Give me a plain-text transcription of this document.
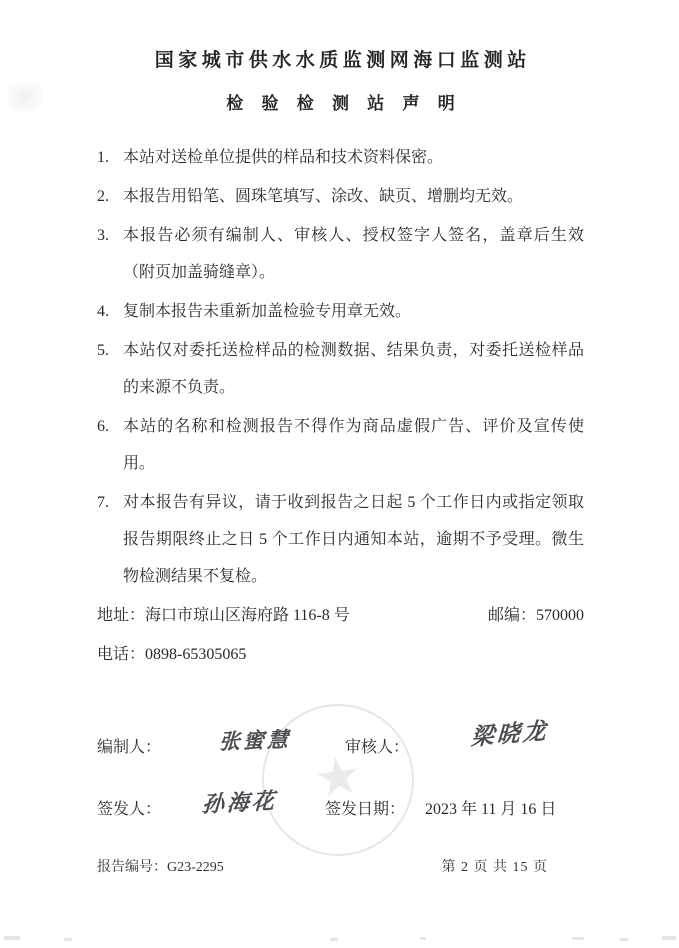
国家城市供水水质监测网海口监测站
检 验 检 测 站 声 明
1. 本站对送检单位提供的样品和技术资料保密。
2. 本报告用铅笔、圆珠笔填写、涂改、缺页、增删均无效。
3. 本报告必须有编制人、审核人、授权签字人签名，盖章后生效（附页加盖骑缝章）。
4. 复制本报告未重新加盖检验专用章无效。
5. 本站仅对委托送检样品的检测数据、结果负责，对委托送检样品的来源不负责。
6. 本站的名称和检测报告不得作为商品虚假广告、评价及宣传使用。
7. 对本报告有异议，请于收到报告之日起 5 个工作日内或指定领取报告期限终止之日 5 个工作日内通知本站，逾期不予受理。微生物检测结果不复检。
地址：海口市琼山区海府路 116-8 号	邮编：570000
电话：0898-65305065
编制人：	张蜜慧	审核人：	梁晓龙
签发人： 孙海花	签发日期： 2023 年 11 月 16 日
★
报告编号：G23-2295	第 2 页 共 15 页
